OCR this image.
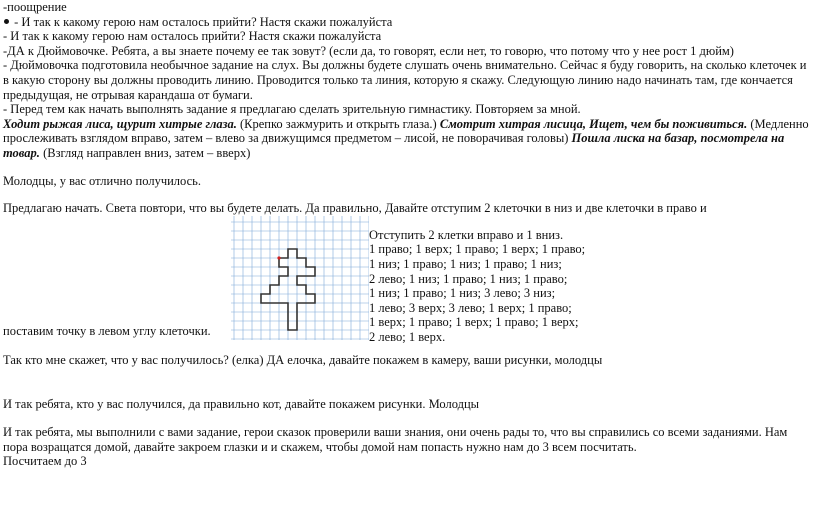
-поощрение
- И так к какому герою нам осталось прийти? Настя скажи пожалуйста
- И так к какому герою нам осталось прийти? Настя скажи пожалуйста
-ДА к Дюймовочке. Ребята, а вы знаете почему ее так зовут? (если да, то говорят, если нет, то говорю, что потому что у нее рост 1 дюйм)
- Дюймовочка подготовила необычное задание на слух. Вы должны будете слушать очень внимательно. Сейчас я буду говорить, на сколько клеточек и в какую сторону вы должны проводить линию. Проводится только та линия, которую я скажу. Следующую линию надо начинать там, где кончается предыдущая, не отрывая карандаша от бумаги.
- Перед тем как начать выполнять задание я предлагаю сделать зрительную гимнастику. Повторяем за мной.
Ходит рыжая лиса, щурит хитрые глаза. (Крепко зажмурить и открыть глаза.) Смотрит хитрая лисица, Ищет, чем бы поживиться. (Медленно прослеживать взглядом вправо, затем – влево за движущимся предметом – лисой, не поворачивая головы) Пошла лиска на базар, посмотрела на товар. (Взгляд направлен вниз, затем – вверх)
Молодцы, у вас отлично получилось.
Предлагаю начать. Света повтори, что вы будете делать. Да правильно, Давайте отступим 2 клеточки в низ и две клеточки в право и
Отступить 2 клетки вправо и 1 вниз.
1 право; 1 верх; 1 право; 1 верх; 1 право;
1 низ; 1 право; 1 низ; 1 право; 1 низ;
2 лево; 1 низ; 1 право; 1 низ; 1 право;
1 низ; 1 право; 1 низ; 3 лево; 3 низ;
1 лево; 3 верх; 3 лево; 1 верх; 1 право;
1 верх; 1 право; 1 верх; 1 право; 1 верх;
2 лево; 1 верх.
поставим точку в левом углу клеточки.
Так кто мне скажет, что у вас получилось? (елка) ДА елочка, давайте покажем в камеру, ваши рисунки, молодцы
И так ребята, кто у вас получился, да правильно кот, давайте покажем рисунки. Молодцы
И так ребята, мы выполнили с вами задание, герои сказок проверили ваши знания, они очень рады то, что вы справились со всеми заданиями. Нам пора возращатся домой, давайте закроем глазки и и скажем, чтобы домой нам попасть нужно нам до 3 всем посчитать.
Посчитаем до 3
